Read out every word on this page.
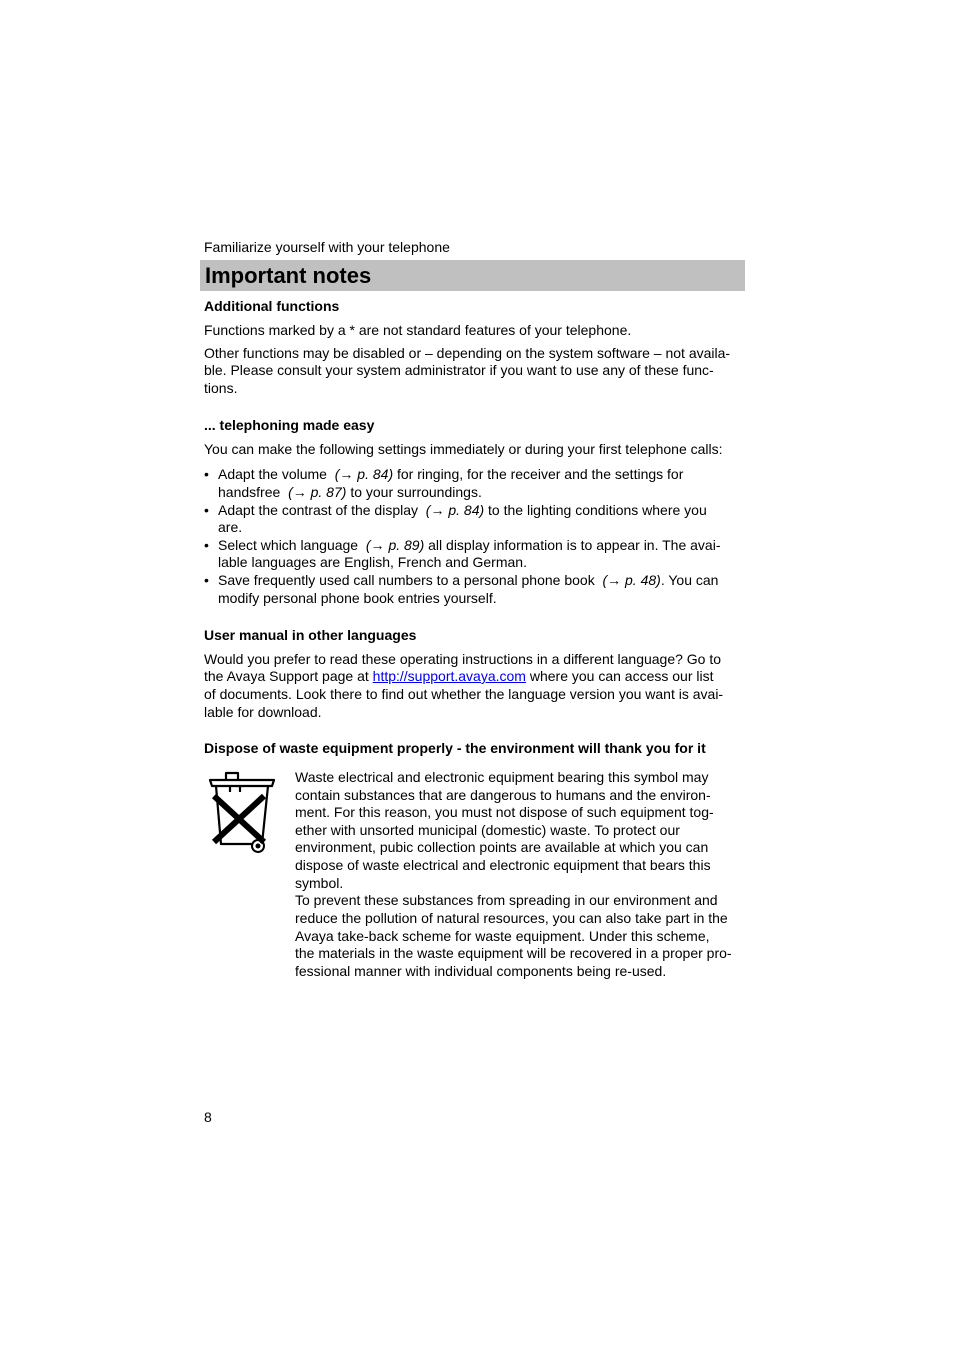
Familiarize yourself with your telephone
Important notes
Additional functions
Functions marked by a * are not standard features of your telephone.
Other functions may be disabled or – depending on the system software – not availa-
ble. Please consult your system administrator if you want to use any of these func-
tions.
... telephoning made easy
You can make the following settings immediately or during your first telephone calls:
• Adapt the volume (→ p. 84) for ringing, for the receiver and the settings for
handsfree (→ p. 87) to your surroundings.
• Adapt the contrast of the display (→ p. 84) to the lighting conditions where you
are.
• Select which language (→ p. 89) all display information is to appear in. The avai-
lable languages are English, French and German.
• Save frequently used call numbers to a personal phone book (→ p. 48). You can
modify personal phone book entries yourself.
User manual in other languages
Would you prefer to read these operating instructions in a different language? Go to
the Avaya Support page at http://support.avaya.com where you can access our list
of documents. Look there to find out whether the language version you want is avai-
lable for download.
Dispose of waste equipment properly - the environment will thank you for it
Waste electrical and electronic equipment bearing this symbol may
contain substances that are dangerous to humans and the environ-
ment. For this reason, you must not dispose of such equipment tog-
ether with unsorted municipal (domestic) waste. To protect our
environment, pubic collection points are available at which you can
dispose of waste electrical and electronic equipment that bears this
symbol.
To prevent these substances from spreading in our environment and
reduce the pollution of natural resources, you can also take part in the
Avaya take-back scheme for waste equipment. Under this scheme,
the materials in the waste equipment will be recovered in a proper pro-
fessional manner with individual components being re-used.
8
